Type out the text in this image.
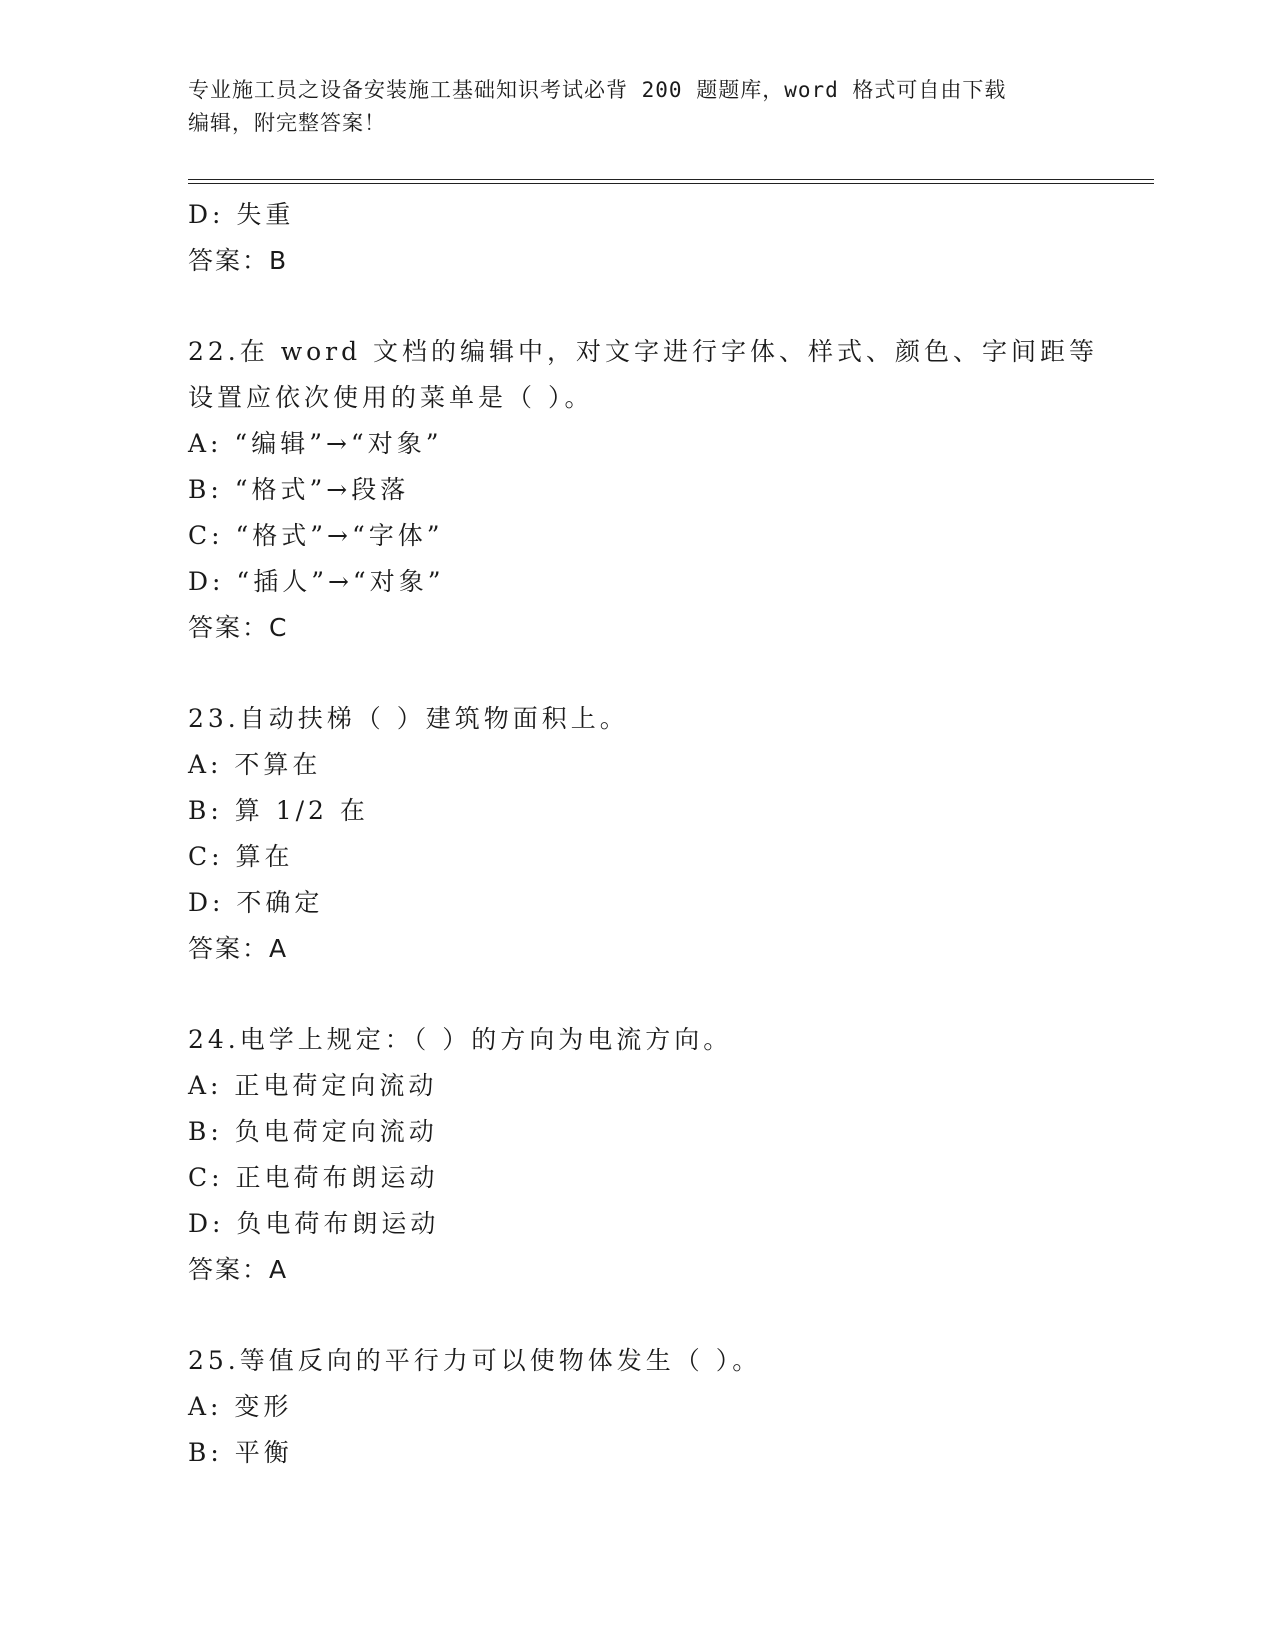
专业施工员之设备安装施工基础知识考试必背 200 题题库，word 格式可自由下载
编辑，附完整答案！
D: 失重
答案：B
22.在 word 文档的编辑中，对文字进行字体、样式、颜色、字间距等
设置应依次使用的菜单是（ ）。
A: “编辑”→“对象”
B: “格式”→段落
C: “格式”→“字体”
D: “插人”→“对象”
答案：C
23.自动扶梯（ ）建筑物面积上。
A: 不算在
B: 算 1/2 在
C: 算在
D: 不确定
答案：A
24.电学上规定：（ ）的方向为电流方向。
A: 正电荷定向流动
B: 负电荷定向流动
C: 正电荷布朗运动
D: 负电荷布朗运动
答案：A
25.等值反向的平行力可以使物体发生（ ）。
A: 变形
B: 平衡
